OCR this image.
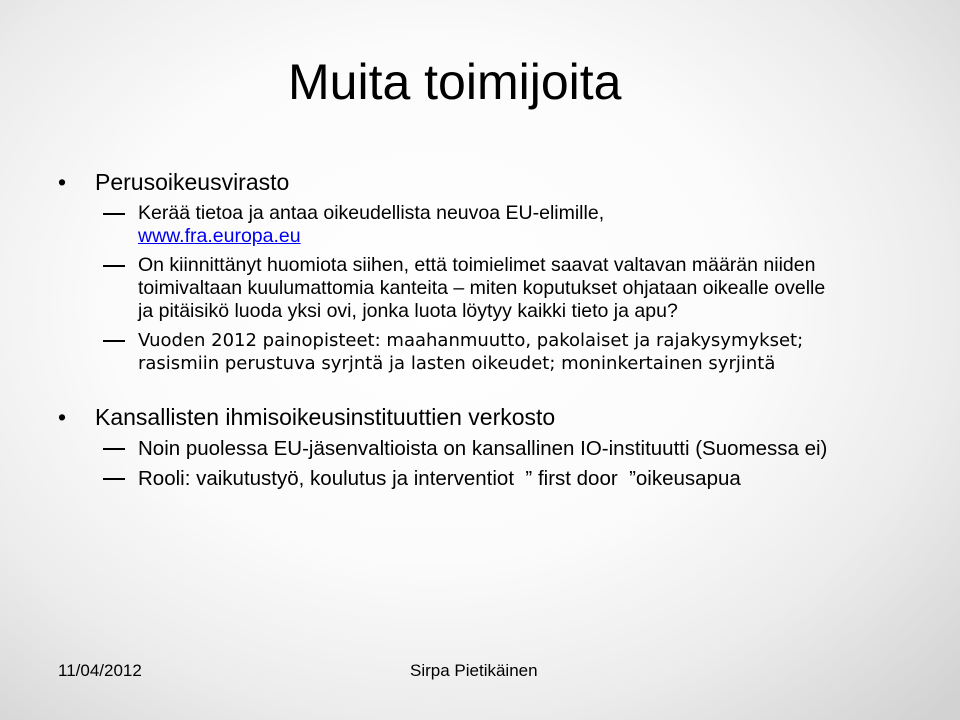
Muita toimijoita
•	Perusoikeusvirasto
Kerää tietoa ja antaa oikeudellista neuvoa EU-elimille,
www.fra.europa.eu
On kiinnittänyt huomiota siihen, että toimielimet saavat valtavan määrän niiden toimivaltaan kuulumattomia kanteita – miten koputukset ohjataan oikealle ovelle ja pitäisikö luoda yksi ovi, jonka luota löytyy kaikki tieto ja apu?
Vuoden 2012 painopisteet: maahanmuutto, pakolaiset ja rajakysymykset; rasismiin perustuva syrjntä ja lasten oikeudet; moninkertainen syrjintä
•	Kansallisten ihmisoikeusinstituuttien verkosto
Noin puolessa EU-jäsenvaltioista on kansallinen IO-instituutti (Suomessa ei)
Rooli: vaikutustyö, koulutus ja interventiot  ” first door  ”oikeusapua
11/04/2012	Sirpa Pietikäinen
